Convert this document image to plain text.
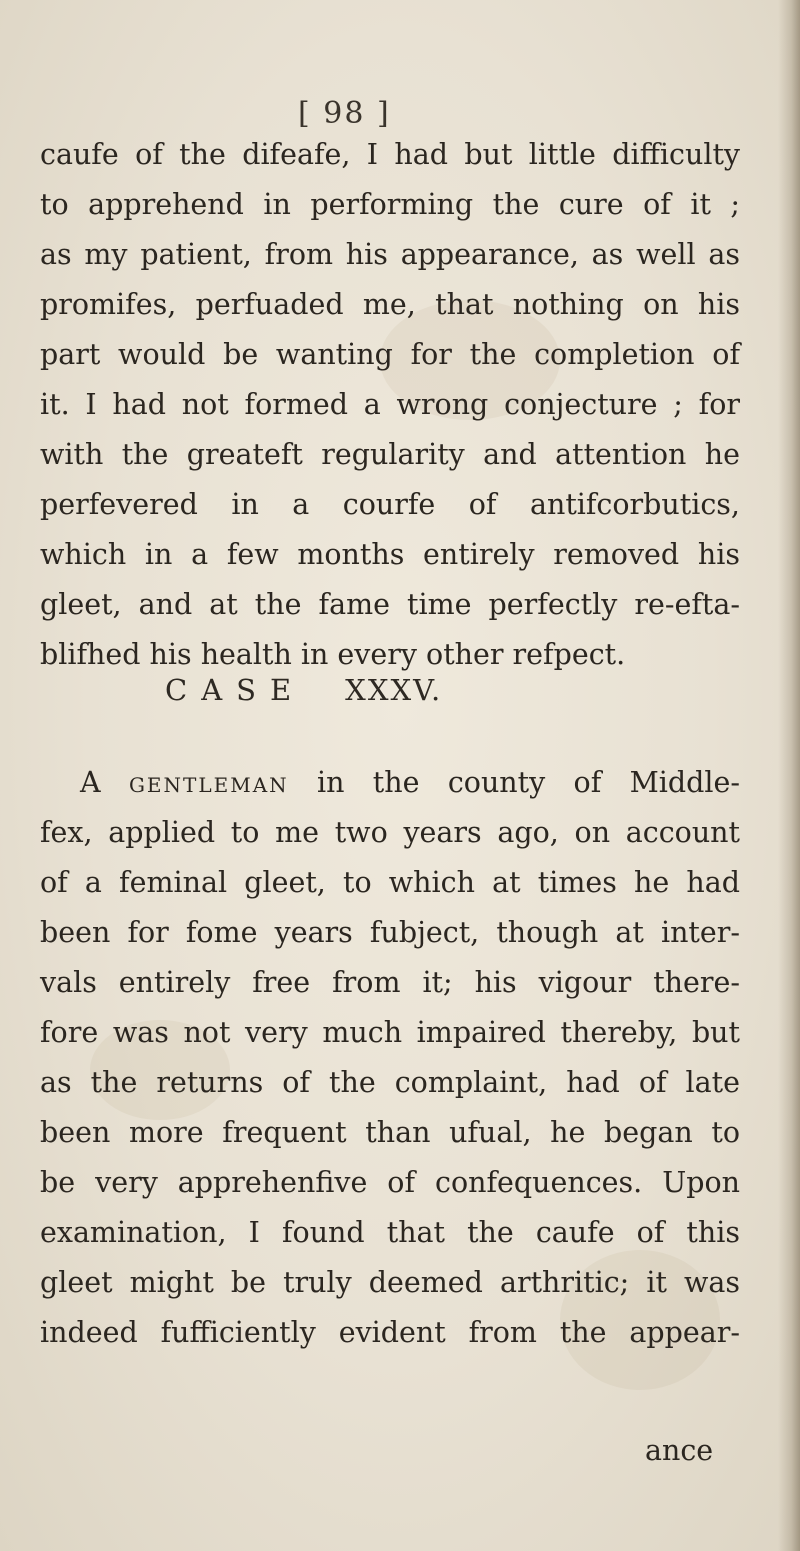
[ 98 ]
caufe of the difeafe, I had but little difficulty
to apprehend in performing the cure of it ;
as my patient, from his appearance, as well as
promifes, perfuaded me, that nothing on his
part would be wanting for the completion of
it. I had not formed a wrong conjecture ; for
with the greateft regularity and attention he
perfevered in a courfe of antifcorbutics,
which in a few months entirely removed his
gleet, and at the fame time perfectly re-efta-
blifhed his health in every other refpect.
CASE XXXV.
A gentleman in the county of Middle-
fex, applied to me two years ago, on account
of a feminal gleet, to which at times he had
been for fome years fubject, though at inter-
vals entirely free from it; his vigour there-
fore was not very much impaired thereby, but
as the returns of the complaint, had of late
been more frequent than ufual, he began to
be very apprehenfive of confequences. Upon
examination, I found that the caufe of this
gleet might be truly deemed arthritic; it was
indeed fufficiently evident from the appear-
ance
